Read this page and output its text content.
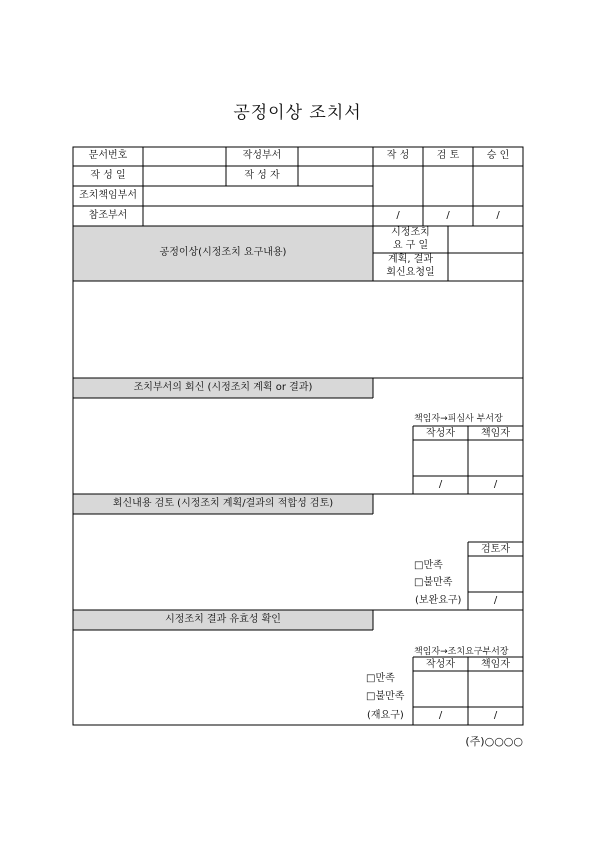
공정이상 조치서
문서번호	작성부서	작 성	검 토	승 인
작 성 일	작 성 자
조치책임부서
참조부서	/	/	/
공정이상(시정조치 요구내용)
시정조치
요 구 일
계획, 결과
회신요청일
조치부서의 회신 (시정조치 계획 or 결과)
책임자→피심사 부서장
작성자	책임자
/	/
회신내용 검토 (시정조치 계획/결과의 적합성 검토)
검토자
□만족
□불만족
(보완요구)	/
시정조치 결과 유효성 확인
책임자→조치요구부서장
작성자	책임자
□만족
□불만족
(재요구)	/	/
(주)○○○○
